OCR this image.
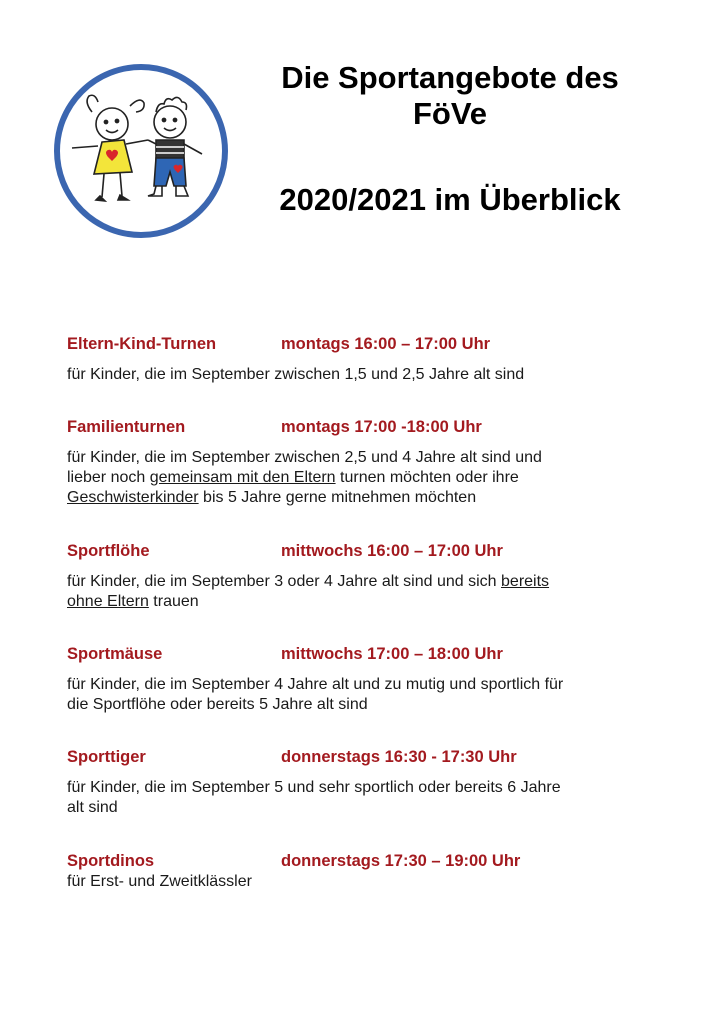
Die Sportangebote des
FöVe
2020/2021 im Überblick
Eltern-Kind-Turnen	montags 16:00 – 17:00 Uhr
für Kinder, die im September zwischen 1,5 und 2,5 Jahre alt sind
Familienturnen	montags 17:00 -18:00 Uhr
für Kinder, die im September zwischen 2,5 und 4 Jahre alt sind und
lieber noch gemeinsam mit den Eltern turnen möchten oder ihre
Geschwisterkinder bis 5 Jahre gerne mitnehmen möchten
Sportflöhe	mittwochs 16:00 – 17:00 Uhr
für Kinder, die im September 3 oder 4 Jahre alt sind und sich bereits
ohne Eltern trauen
Sportmäuse	mittwochs 17:00 – 18:00 Uhr
für Kinder, die im September 4 Jahre alt und zu mutig und sportlich für
die Sportflöhe oder bereits 5 Jahre alt sind
Sporttiger	donnerstags 16:30 - 17:30 Uhr
für Kinder, die im September 5 und sehr sportlich oder bereits 6 Jahre
alt sind
Sportdinos	donnerstags 17:30 – 19:00 Uhr
für Erst- und Zweitklässler
